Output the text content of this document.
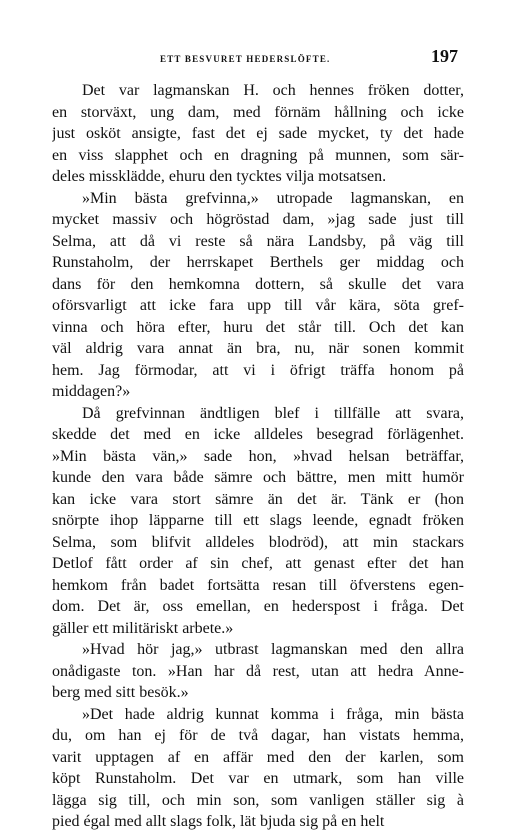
ETT BESVURET HEDERSLÖFTE.	197
Det var lagmanskan H. och hennes fröken dotter,
en storväxt, ung dam, med förnäm hållning och icke
just osköt ansigte, fast det ej sade mycket, ty det hade
en viss slapphet och en dragning på munnen, som sär-
deles missklädde, ehuru den tycktes vilja motsatsen.
»Min bästa grefvinna,» utropade lagmanskan, en
mycket massiv och högröstad dam, »jag sade just till
Selma, att då vi reste så nära Landsby, på väg till
Runstaholm, der herrskapet Berthels ger middag och
dans för den hemkomna dottern, så skulle det vara
oförsvarligt att icke fara upp till vår kära, söta gref-
vinna och höra efter, huru det står till. Och det kan
väl aldrig vara annat än bra, nu, när sonen kommit
hem. Jag förmodar, att vi i öfrigt träffa honom på
middagen?»
Då grefvinnan ändtligen blef i tillfälle att svara,
skedde det med en icke alldeles besegrad förlägenhet.
»Min bästa vän,» sade hon, »hvad helsan beträffar,
kunde den vara både sämre och bättre, men mitt humör
kan icke vara stort sämre än det är. Tänk er (hon
snörpte ihop läpparne till ett slags leende, egnadt fröken
Selma, som blifvit alldeles blodröd), att min stackars
Detlof fått order af sin chef, att genast efter det han
hemkom från badet fortsätta resan till öfverstens egen-
dom. Det är, oss emellan, en hederspost i fråga. Det
gäller ett militäriskt arbete.»
»Hvad hör jag,» utbrast lagmanskan med den allra
onådigaste ton. »Han har då rest, utan att hedra Anne-
berg med sitt besök.»
»Det hade aldrig kunnat komma i fråga, min bästa
du, om han ej för de två dagar, han vistats hemma,
varit upptagen af en affär med den der karlen, som
köpt Runstaholm. Det var en utmark, som han ville
lägga sig till, och min son, som vanligen ställer sig à
pied égal med allt slags folk, lät bjuda sig på en helt
